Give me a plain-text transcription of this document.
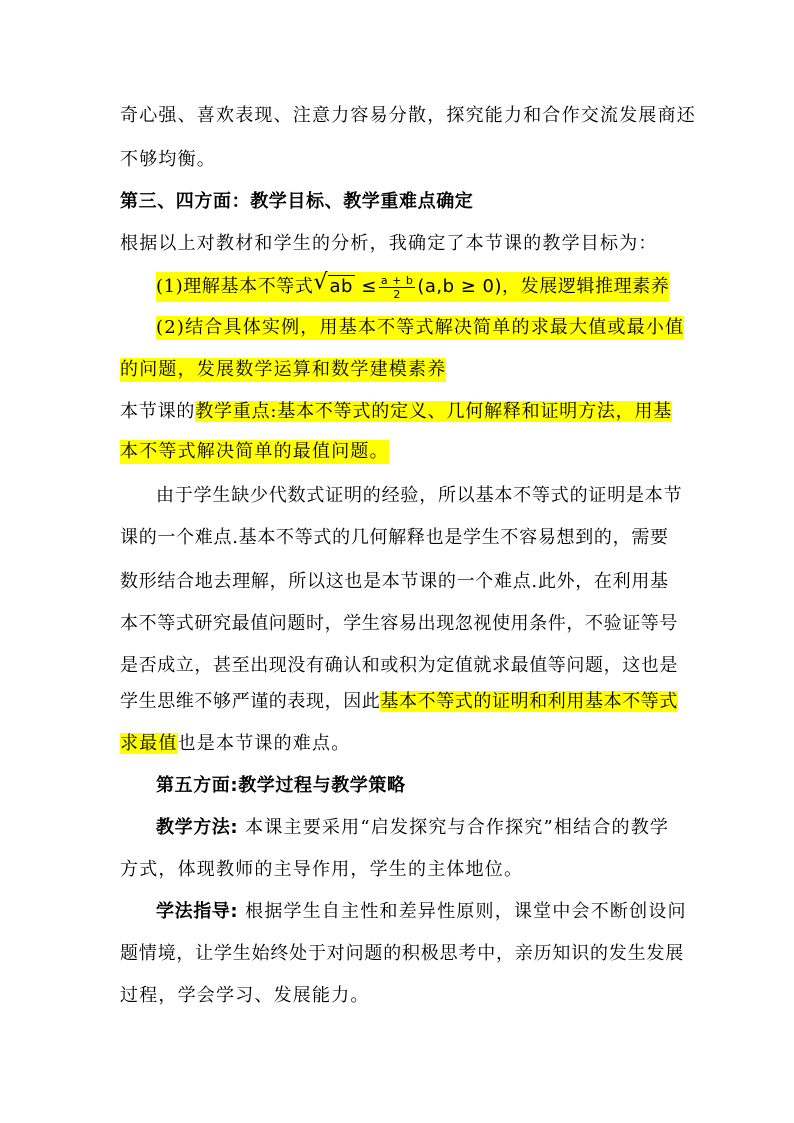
奇心强、喜欢表现、注意力容易分散，探究能力和合作交流发展商还
不够均衡。
第三、四方面：教学目标、教学重难点确定
根据以上对教材和学生的分析，我确定了本节课的教学目标为：
(1)理解基本不等式 √ ab ≤ $\frac{a + b}{2} (a,b \ge 0)$，发展逻辑推理素养
(2)结合具体实例，用基本不等式解决简单的求最大值或最小值
的问题，发展数学运算和数学建模素养
本节课的教学重点:基本不等式的定义、几何解释和证明方法，用基
本不等式解决简单的最值问题。
由于学生缺少代数式证明的经验，所以基本不等式的证明是本节
课的一个难点.基本不等式的几何解释也是学生不容易想到的，需要
数形结合地去理解，所以这也是本节课的一个难点.此外，在利用基
本不等式研究最值问题时，学生容易出现忽视使用条件，不验证等号
是否成立，甚至出现没有确认和或积为定值就求最值等问题，这也是
学生思维不够严谨的表现，因此基本不等式的证明和利用基本不等式
求最值也是本节课的难点。
第五方面:教学过程与教学策略
教学方法: 本课主要采用“启发探究与合作探究”相结合的教学
方式，体现教师的主导作用，学生的主体地位。
学法指导: 根据学生自主性和差异性原则，课堂中会不断创设问
题情境，让学生始终处于对问题的积极思考中，亲历知识的发生发展
过程，学会学习、发展能力。
